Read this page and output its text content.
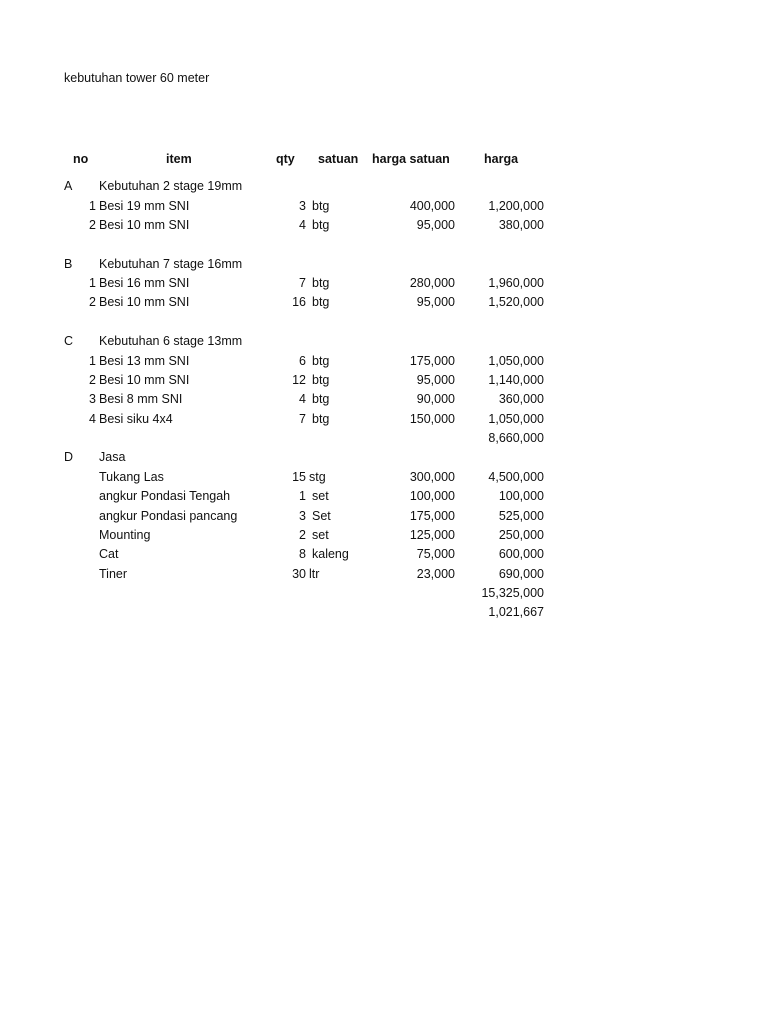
kebutuhan tower 60 meter
no	item	qty satuan harga satuan	harga
A Kebutuhan 2 stage 19mm
1 Besi 19 mm SNI	3 btg	400,000	1,200,000
2 Besi 10 mm SNI	4 btg	95,000	380,000
B Kebutuhan 7 stage 16mm
1 Besi 16 mm SNI	7 btg	280,000	1,960,000
2 Besi 10 mm SNI	16 btg	95,000	1,520,000
C Kebutuhan 6 stage 13mm
1 Besi 13 mm SNI	6 btg	175,000	1,050,000
2 Besi 10 mm SNI	12 btg	95,000	1,140,000
3 Besi 8 mm SNI	4 btg	90,000	360,000
4 Besi siku 4x4	7 btg	150,000	1,050,000
8,660,000
D Jasa
Tukang Las	15 stg	300,000	4,500,000
angkur Pondasi Tengah	1 set	100,000	100,000
angkur Pondasi pancang	3 Set	175,000	525,000
Mounting	2 set	125,000	250,000
Cat	8 kaleng	75,000	600,000
Tiner	30 ltr	23,000	690,000
15,325,000
1,021,667
